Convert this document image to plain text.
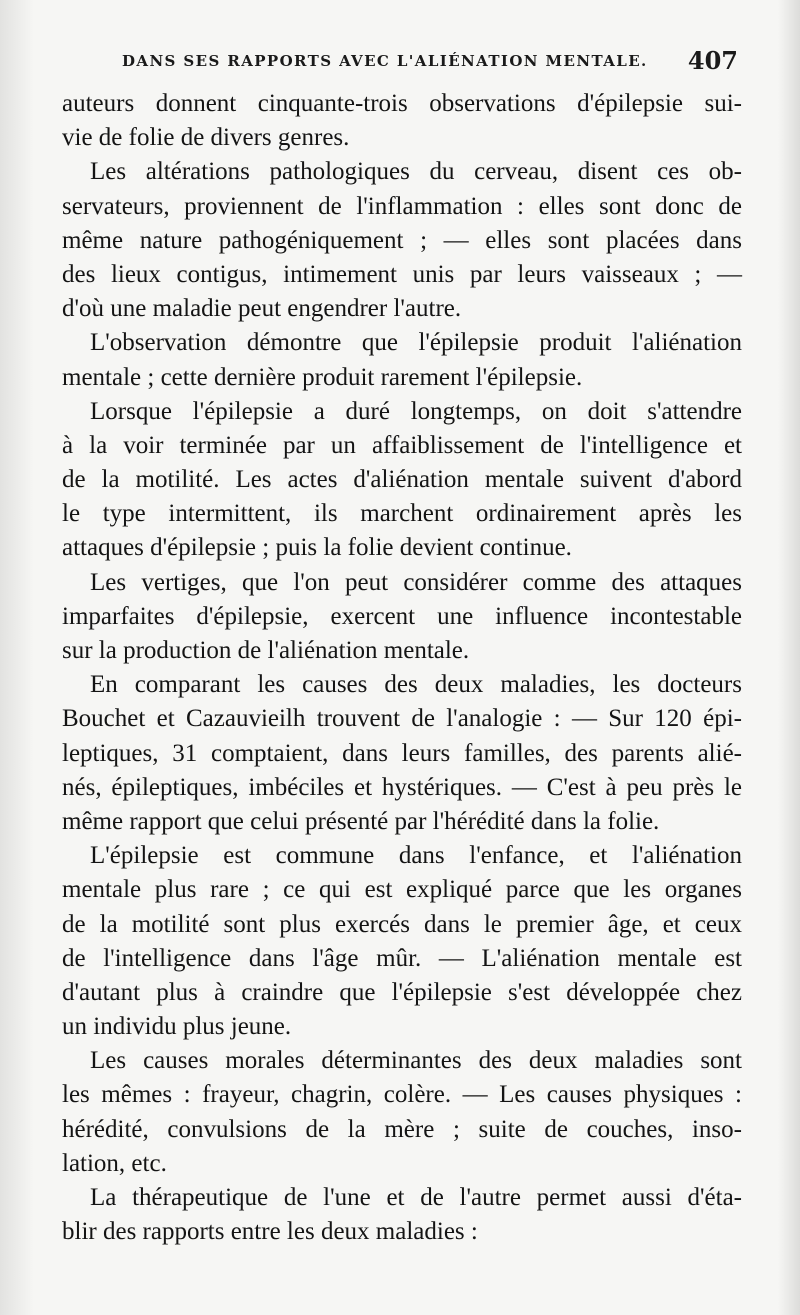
DANS SES RAPPORTS AVEC L'ALIÉNATION MENTALE. 407
auteurs donnent cinquante-trois observations d'épilepsie sui-
vie de folie de divers genres.
Les altérations pathologiques du cerveau, disent ces ob-
servateurs, proviennent de l'inflammation : elles sont donc de
même nature pathogéniquement ; — elles sont placées dans
des lieux contigus, intimement unis par leurs vaisseaux ; —
d'où une maladie peut engendrer l'autre.
L'observation démontre que l'épilepsie produit l'aliénation
mentale ; cette dernière produit rarement l'épilepsie.
Lorsque l'épilepsie a duré longtemps, on doit s'attendre
à la voir terminée par un affaiblissement de l'intelligence et
de la motilité. Les actes d'aliénation mentale suivent d'abord
le type intermittent, ils marchent ordinairement après les
attaques d'épilepsie ; puis la folie devient continue.
Les vertiges, que l'on peut considérer comme des attaques
imparfaites d'épilepsie, exercent une influence incontestable
sur la production de l'aliénation mentale.
En comparant les causes des deux maladies, les docteurs
Bouchet et Cazauvieilh trouvent de l'analogie : — Sur 120 épi-
leptiques, 31 comptaient, dans leurs familles, des parents alié-
nés, épileptiques, imbéciles et hystériques. — C'est à peu près le
même rapport que celui présenté par l'hérédité dans la folie.
L'épilepsie est commune dans l'enfance, et l'aliénation
mentale plus rare ; ce qui est expliqué parce que les organes
de la motilité sont plus exercés dans le premier âge, et ceux
de l'intelligence dans l'âge mûr. — L'aliénation mentale est
d'autant plus à craindre que l'épilepsie s'est développée chez
un individu plus jeune.
Les causes morales déterminantes des deux maladies sont
les mêmes : frayeur, chagrin, colère. — Les causes physiques :
hérédité, convulsions de la mère ; suite de couches, inso-
lation, etc.
La thérapeutique de l'une et de l'autre permet aussi d'éta-
blir des rapports entre les deux maladies :
